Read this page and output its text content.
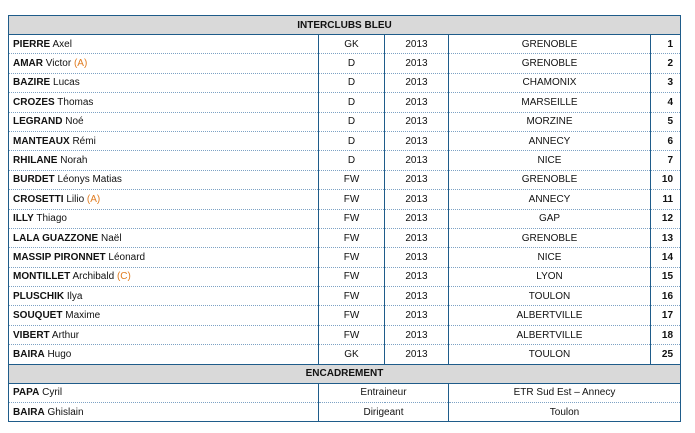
INTERCLUBS BLEU				
PIERRE Axel	GK	2013	GRENOBLE	1
AMAR Victor (A)	D	2013	GRENOBLE	2
BAZIRE Lucas	D	2013	CHAMONIX	3
CROZES Thomas	D	2013	MARSEILLE	4
LEGRAND Noé	D	2013	MORZINE	5
MANTEAUX Rémi	D	2013	ANNECY	6
RHILANE Norah	D	2013	NICE	7
BURDET Léonys Matias	FW	2013	GRENOBLE	10
CROSETTI Lilio (A)	FW	2013	ANNECY	11
ILLY Thiago	FW	2013	GAP	12
LALA GUAZZONE Naël	FW	2013	GRENOBLE	13
MASSIP PIRONNET Léonard	FW	2013	NICE	14
MONTILLET Archibald (C)	FW	2013	LYON	15
PLUSCHIK Ilya	FW	2013	TOULON	16
SOUQUET Maxime	FW	2013	ALBERTVILLE	17
VIBERT Arthur	FW	2013	ALBERTVILLE	18
BAIRA Hugo	GK	2013	TOULON	25
ENCADREMENT				
PAPA Cyril	Entraineur		ETR Sud Est – Annecy	
BAIRA Ghislain	Dirigeant		Toulon	
